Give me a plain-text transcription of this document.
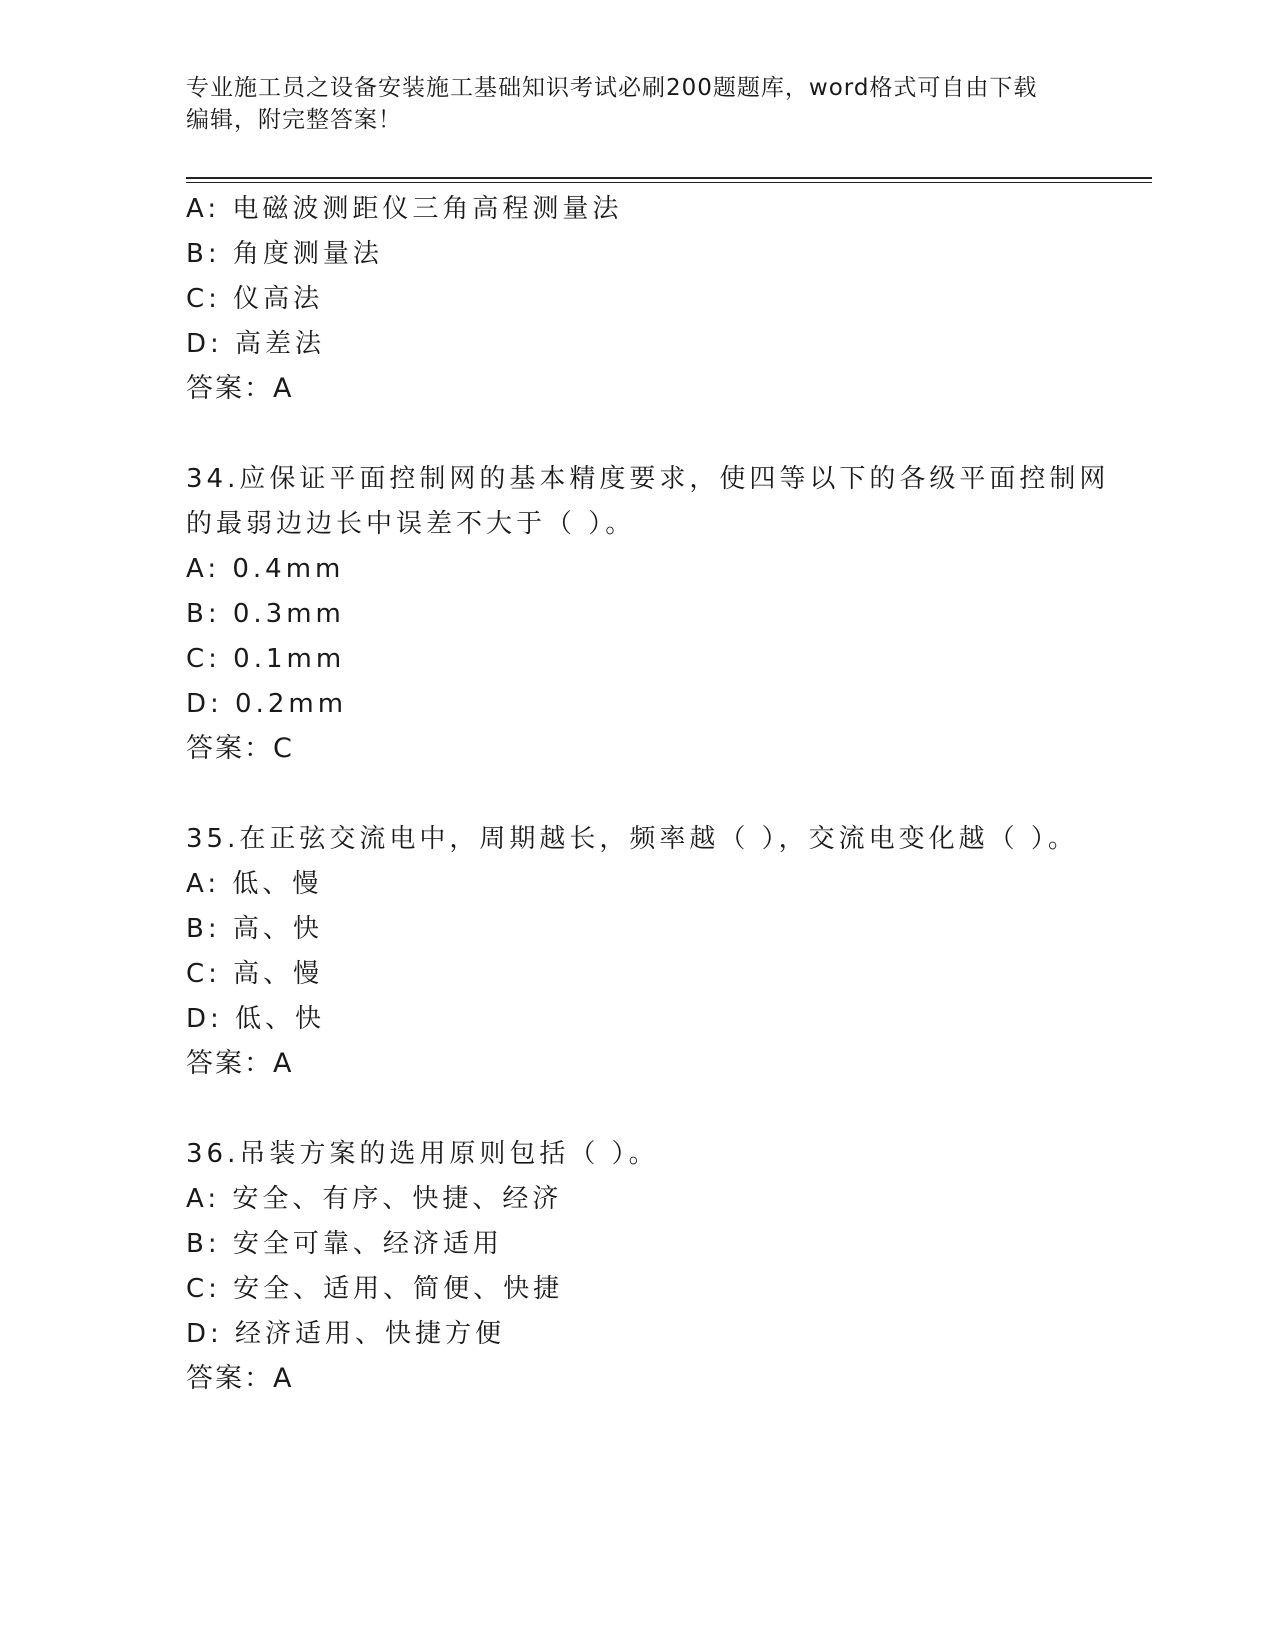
专业施工员之设备安装施工基础知识考试必刷200题题库，word格式可自由下载
编辑，附完整答案！
A: 电磁波测距仪三角高程测量法
B: 角度测量法
C: 仪高法
D: 高差法
答案：A
34.应保证平面控制网的基本精度要求，使四等以下的各级平面控制网
的最弱边边长中误差不大于（ ）。
A: 0.4mm
B: 0.3mm
C: 0.1mm
D: 0.2mm
答案：C
35.在正弦交流电中，周期越长，频率越（ ），交流电变化越（ ）。
A: 低、慢
B: 高、快
C: 高、慢
D: 低、快
答案：A
36.吊装方案的选用原则包括（ ）。
A: 安全、有序、快捷、经济
B: 安全可靠、经济适用
C: 安全、适用、简便、快捷
D: 经济适用、快捷方便
答案：A
